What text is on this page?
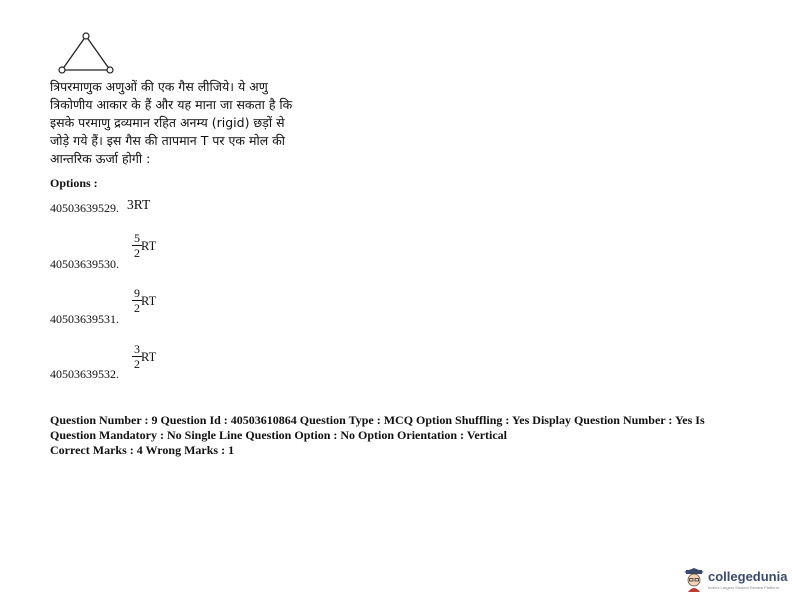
त्रिपरमाणुक अणुओं की एक गैस लीजिये। ये अणु
त्रिकोणीय आकार के हैं और यह माना जा सकता है कि
इसके परमाणु द्रव्यमान रहित अनम्य (rigid) छड़ों से
जोड़े गये हैं। इस गैस की तापमान T पर एक मोल की
आन्तरिक ऊर्जा होगी :
Options :
40503639529. 3RT
40503639530.
5
2 RT
40503639531.
9
2 RT
40503639532.
3
2 RT
Question Number : 9 Question Id : 40503610864 Question Type : MCQ Option Shuffling : Yes Display Question Number : Yes Is
Question Mandatory : No Single Line Question Option : No Option Orientation : Vertical
Correct Marks : 4 Wrong Marks : 1
collegedunia
India's Largest Student Review Platform
